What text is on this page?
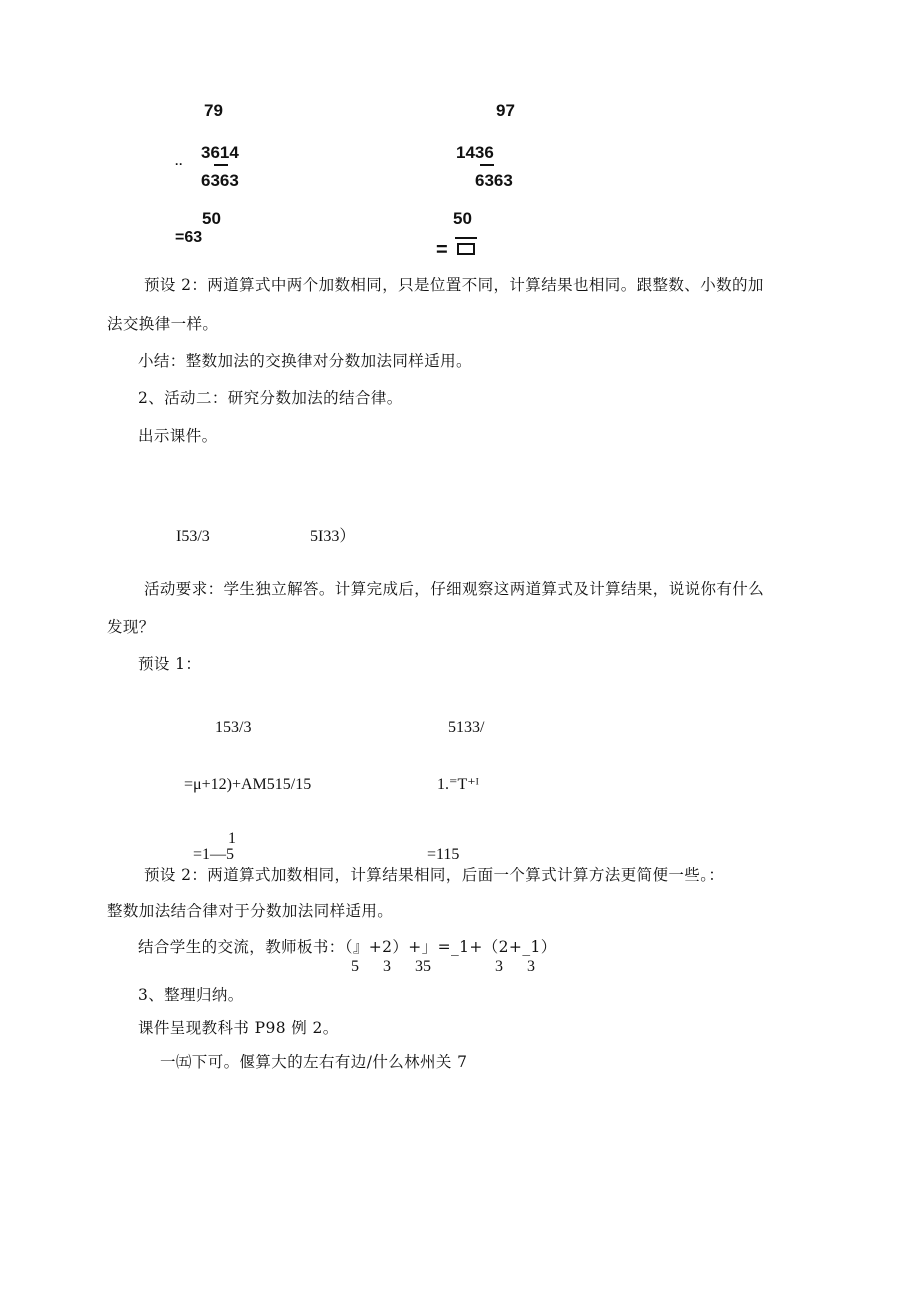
79
··
3614
6363
50
=63
97
1436
6363
50
=
预设 2：两道算式中两个加数相同，只是位置不同，计算结果也相同。跟整数、小数的加
法交换律一样。
小结：整数加法的交换律对分数加法同样适用。
2、活动二：研究分数加法的结合律。
出示课件。
I53/3	5I33）
活动要求：学生独立解答。计算完成后，仔细观察这两道算式及计算结果，说说你有什么
发现？
预设 1：
153/3	5133/
=μ+12)+AM515/15	1.⁼T⁺ᴵ
1
=1—5	=115
预设 2：两道算式加数相同，计算结果相同，后面一个算式计算方法更简便一些。：
整数加法结合律对于分数加法同样适用。
结合学生的交流，教师板书：（』+2）+」=_1+（2+_1）
5      3      35                3      3
3、整理归纳。
课件呈现教科书 P98 例 2。
一㈤下可。偃算大的左右有边/什么林州关 7
